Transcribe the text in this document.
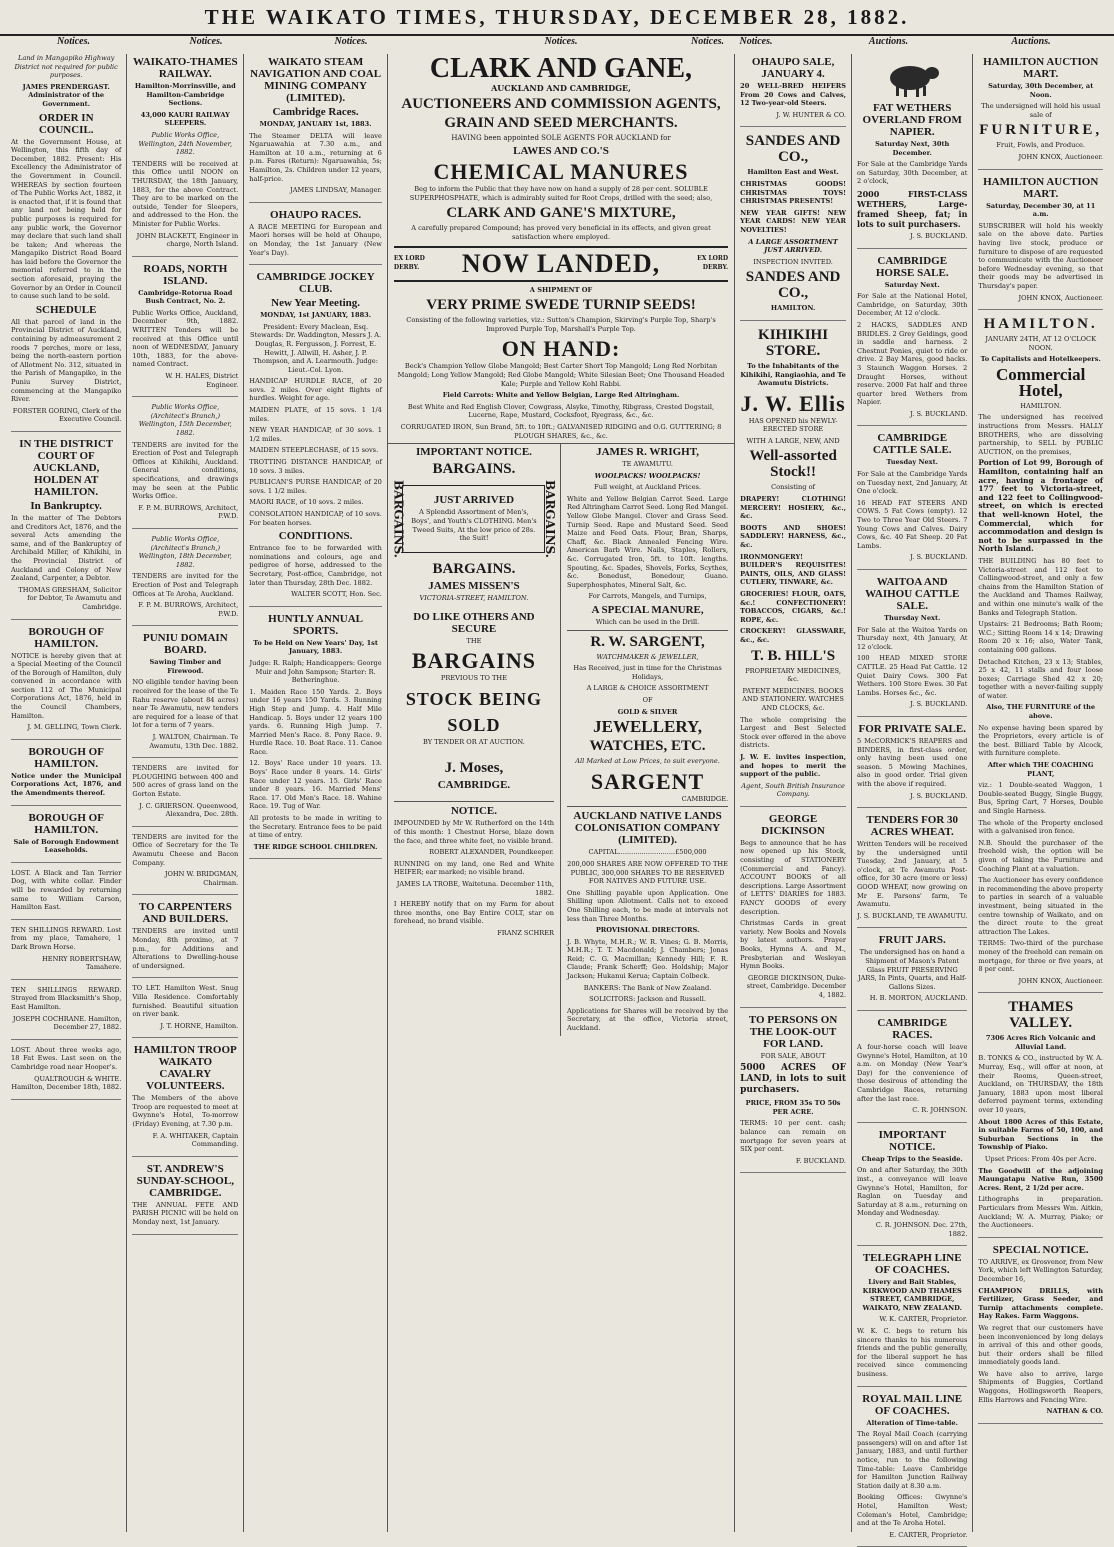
THE WAIKATO TIMES, THURSDAY, DECEMBER 28, 1882.
Notices.	Notices.	Notices.	Notices.	Notices.	Notices.	Auctions.	Auctions.

Land in Mangapiko Highway District not required for public purposes.

JAMES PRENDERGAST. Administrator of the Government.

ORDER IN COUNCIL.

At the Government House, at Wellington, this fifth day of December, 1882. Present: His Excellency the Administrator of the Government in Council. WHEREAS by section fourteen of The Public Works Act, 1882, it is enacted that, if it is found that any land not being held for public purposes is required for any public work, the Governor may declare that such land shall be taken; And whereas the Mangapiko District Road Board has laid before the Governor the memorial referred to in the section aforesaid, praying the Governor by an Order in Council to cause such land to be sold.

SCHEDULE

All that parcel of land in the Provincial District of Auckland, containing by admeasurement 2 roods 7 perches, more or less, being the north-eastern portion of Allotment No. 312, situated in the Parish of Mangapiko, in the Puniu Survey District, commencing at the Mangapiko River.

FORSTER GORING, Clerk of the Executive Council.

IN THE DISTRICT COURT OF AUCKLAND, HOLDEN AT HAMILTON.
In Bankruptcy.

In the matter of The Debtors and Creditors Act, 1876, and the several Acts amending the same, and of the Bankruptcy of Archibald Miller, of Kihikihi, in the Provincial District of Auckland and Colony of New Zealand, Carpenter, a Debtor.

THOMAS GRESHAM, Solicitor for Debtor, Te Awamutu and Cambridge.

BOROUGH OF HAMILTON.

NOTICE is hereby given that at a Special Meeting of the Council of the Borough of Hamilton, duly convened in accordance with section 112 of The Municipal Corporations Act, 1876, held in the Council Chambers, Hamilton.

J. M. GELLING, Town Clerk.

BOROUGH OF HAMILTON.

Notice under the Municipal Corporations Act, 1876, and the Amendments thereof.

BOROUGH OF HAMILTON.

Sale of Borough Endowment Leaseholds.

LOST. A Black and Tan Terrier Dog, with white collar. Finder will be rewarded by returning same to William Carson, Hamilton East.

TEN SHILLINGS REWARD. Lost from my place, Tamahere, 1 Dark Brown Horse.

HENRY ROBERTSHAW, Tamahere.

TEN SHILLINGS REWARD. Strayed from Blacksmith's Shop, East Hamilton.

JOSEPH COCHRANE. Hamilton, December 27, 1882.

LOST. About three weeks ago, 18 Fat Ewes. Last seen on the Cambridge road near Hooper's.

QUALTROUGH & WHITE. Hamilton, December 18th, 1882.

WAIKATO-THAMES RAILWAY.

Hamilton-Morrinsville, and Hamilton-Cambridge Sections.

43,000 KAURI RAILWAY SLEEPERS.

Public Works Office, Wellington, 24th November, 1882.

TENDERS will be received at this Office until NOON on THURSDAY, the 18th January, 1883, for the above Contract. They are to be marked on the outside, Tender for Sleepers, and addressed to the Hon. the Minister for Public Works.

JOHN BLACKETT, Engineer in charge, North Island.

ROADS, NORTH ISLAND.

Cambridge-Rotorua Road Bush Contract, No. 2.

Public Works Office, Auckland, December 9th, 1882. WRITTEN Tenders will be received at this Office until noon of WEDNESDAY, January 10th, 1883, for the above-named Contract.

W. H. HALES, District Engineer.

Public Works Office, (Architect's Branch,) Wellington, 15th December, 1882.

TENDERS are invited for the Erection of Post and Telegraph Offices at Kihikihi, Auckland. General conditions, specifications, and drawings may be seen at the Public Works Office.

F. P. M. BURROWS, Architect, P.W.D.

Public Works Office, (Architect's Branch,) Wellington, 18th December, 1882.

TENDERS are invited for the Erection of Post and Telegraph Offices at Te Aroha, Auckland.

F. P. M. BURROWS, Architect, P.W.D.

PUNIU DOMAIN BOARD.

Sawing Timber and Firewood.

NO eligible tender having been received for the lease of the Te Rahu reserve (about 84 acres) near Te Awamutu, new tenders are required for a lease of that lot for a term of 7 years.

J. WALTON, Chairman. Te Awamutu, 13th Dec. 1882.

TENDERS are invited for PLOUGHING between 400 and 500 acres of grass land on the Gorton Estate.

J. C. GRIERSON. Queenwood, Alexandra, Dec. 28th.

TENDERS are invited for the Office of Secretary for the Te Awamutu Cheese and Bacon Company.

JOHN W. BRIDGMAN, Chairman.

TO CARPENTERS AND BUILDERS.

TENDERS are invited until Monday, 8th proximo, at 7 p.m., for Additions and Alterations to Dwelling-house of undersigned.

TO LET. Hamilton West. Snug Villa Residence. Comfortably furnished. Beautiful situation on river bank.

J. T. HORNE, Hamilton.

HAMILTON TROOP WAIKATO CAVALRY VOLUNTEERS.

The Members of the above Troop are requested to meet at Gwynne's Hotel, To-morrow (Friday) Evening, at 7.30 p.m.

F. A. WHITAKER, Captain Commanding.

ST. ANDREW'S SUNDAY-SCHOOL, CAMBRIDGE.

THE ANNUAL FETE AND PARISH PICNIC will be held on Monday next, 1st January.

WAIKATO STEAM NAVIGATION AND COAL MINING COMPANY (LIMITED).
Cambridge Races.

MONDAY, JANUARY 1st, 1883.

The Steamer DELTA will leave Ngaruawahia at 7.30 a.m., and Hamilton at 10 a.m., returning at 6 p.m. Fares (Return): Ngaruawahia, 5s; Hamilton, 2s. Children under 12 years, half-price.

JAMES LINDSAY, Manager.

OHAUPO RACES.

A RACE MEETING for European and Maori horses will be held at Ohaupo, on Monday, the 1st January (New Year's Day).

CAMBRIDGE JOCKEY CLUB.
New Year Meeting.

MONDAY, 1st JANUARY, 1883.

President: Every Maclean, Esq. Stewards: Dr. Waddington, Messrs J. A. Douglas, R. Fergusson, J. Forrest, E. Hewitt, J. Allwill, H. Asher, J. P. Thompson, and A. Learmouth. Judge: Lieut.-Col. Lyon.

HANDICAP HURDLE RACE, of 20 sovs. 2 miles. Over eight flights of hurdles. Weight for age.

MAIDEN PLATE, of 15 sovs. 1 1/4 miles.

NEW YEAR HANDICAP, of 30 sovs. 1 1/2 miles.

MAIDEN STEEPLECHASE, of 15 sovs.

TROTTING DISTANCE HANDICAP, of 10 sovs. 3 miles.

PUBLICAN'S PURSE HANDICAP, of 20 sovs. 1 1/2 miles.

MAORI RACE, of 10 sovs. 2 miles.

CONSOLATION HANDICAP, of 10 sovs. For beaten horses.

CONDITIONS.

Entrance fee to be forwarded with nominations and colours, age and pedigree of horse, addressed to the Secretary, Post-office, Cambridge, not later than Thursday, 28th Dec. 1882.

WALTER SCOTT, Hon. Sec.

HUNTLY ANNUAL SPORTS.

To be Held on New Years' Day, 1st January, 1883.

Judge: R. Ralph; Handicappers: George Muir and John Sampson; Starter: R. Betheringhue.

1. Maiden Race 150 Yards. 2. Boys under 16 years 150 Yards. 3. Running High Step and Jump. 4. Half Mile Handicap. 5. Boys under 12 years 100 yards. 6. Running High Jump. 7. Married Men's Race. 8. Pony Race. 9. Hurdle Race. 10. Boat Race. 11. Canoe Race.

12. Boys' Race under 10 years. 13. Boys' Race under 8 years. 14. Girls' Race under 12 years. 15. Girls' Race under 8 years. 16. Married Mens' Race. 17. Old Men's Race. 18. Wahine Race. 19. Tug of War.

All protests to be made in writing to the Secretary. Entrance fees to be paid at time of entry.

THE RIDGE SCHOOL CHILDREN.

CLARK AND GANE,
AUCKLAND AND CAMBRIDGE,
AUCTIONEERS AND COMMISSION AGENTS,
GRAIN AND SEED MERCHANTS.

HAVING been appointed SOLE AGENTS FOR AUCKLAND for

LAWES AND CO.'S
CHEMICAL MANURES

Beg to inform the Public that they have now on hand a supply of 28 per cent. SOLUBLE SUPERPHOSPHATE, which is admirably suited for Root Crops, drilled with the seed; also,

CLARK AND GANE'S MIXTURE,

A carefully prepared Compound; has proved very beneficial in its effects, and given great satisfaction where employed.

EX LORD DERBY.	NOW LANDED,	EX LORD DERBY.
A SHIPMENT OF
VERY PRIME SWEDE TURNIP SEEDS!

Consisting of the following varieties, viz.: Sutton's Champion, Skirving's Purple Top, Sharp's Improved Purple Top, Marshall's Purple Top.

ON HAND:

Beck's Champion Yellow Globe Mangold; Best Carter Short Top Mangold; Long Red Norbitan Mangold; Long Yellow Mangold; Red Globe Mangold; White Silesian Beet; One Thousand Headed Kale; Purple and Yellow Kohl Rabbi.

Field Carrots: White and Yellow Belgian, Large Red Altringham.

Best White and Red English Clover, Cowgrass, Alsyke, Timothy, Ribgrass, Crested Dogstail, Lucerne, Rape, Mustard, Cocksfoot, Ryegrass, &c., &c.

CORRUGATED IRON, Sun Brand, 5ft. to 10ft.; GALVANISED RIDGING and O.G. GUTTERING; 8 PLOUGH SHARES, &c., &c.

IMPORTANT NOTICE.
BARGAINS.
BARGAINS.	JUST ARRIVED

A Splendid Assortment of Men's, Boys', and Youth's CLOTHING. Men's Tweed Suits, At the low price of 28s. the Suit!	BARGAINS.
BARGAINS.
JAMES MISSEN'S

VICTORIA-STREET, HAMILTON.

DO LIKE OTHERS AND SECURE

THE

BARGAINS

PREVIOUS TO THE

STOCK BEING SOLD

BY TENDER OR AT AUCTION.

J. Moses,
CAMBRIDGE.
NOTICE.

IMPOUNDED by Mr W. Rutherford on the 14th of this month: 1 Chestnut Horse, blaze down the face, and three white feet, no visible brand.

ROBERT ALEXANDER, Poundkeeper.

RUNNING on my land, one Red and White HEIFER; ear marked; no visible brand.

JAMES LA TROBE, Waitetuna. December 11th, 1882.

I HEREBY notify that on my Farm for about three months, one Bay Entire COLT, star on forehead, no brand visible.

FRANZ SCHRER

JAMES R. WRIGHT,

TE AWAMUTU.

WOOLPACKS! WOOLPACKS!

Full weight, at Auckland Prices.

White and Yellow Belgian Carrot Seed. Large Red Altringham Carrot Seed. Long Red Mangel. Yellow Globe Mangel. Clover and Grass Seed. Turnip Seed. Rape and Mustard Seed. Seed Maize and Feed Oats. Flour, Bran, Sharps, Chaff, &c. Black Annealed Fencing Wire. American Barb Wire. Nails, Staples, Rollers, &c. Corrugated Iron, 5ft. to 10ft. lengths. Spouting, &c. Spades, Shovels, Forks, Scythes, &c. Bonedust, Bonedour, Guano. Superphosphates, Mineral Salt, &c.

For Carrots, Mangels, and Turnips,

A SPECIAL MANURE,

Which can be used in the Drill.

R. W. SARGENT,

WATCHMAKER & JEWELLER,

Has Received, just in time for the Christmas Holidays,

A LARGE & CHOICE ASSORTMENT

OF

GOLD & SILVER

JEWELLERY,
WATCHES, ETC.

All Marked at Low Prices, to suit everyone.

SARGENT

CAMBRIDGE.

AUCKLAND NATIVE LANDS COLONISATION COMPANY (LIMITED).

CAPITAL...........................£500,000

200,000 SHARES ARE NOW OFFERED TO THE PUBLIC, 300,000 SHARES TO BE RESERVED FOR NATIVES AND FUTURE USE.

One Shilling payable upon Application. One Shilling upon Allotment. Calls not to exceed One Shilling each, to be made at intervals not less than Three Months.

PROVISIONAL DIRECTORS.

J. B. Whyte, M.H.R.; W. R. Vines; G. B. Morris, M.H.R.; T. T. Macdonald; J. Chambers; Jonas Reid; C. G. Macmillan; Kennedy Hill; F. R. Claude; Frank Scherff; Geo. Holdship; Major Jackson; Hukanui Kerua; Captain Colbeck.

BANKERS: The Bank of New Zealand.

SOLICITORS: Jackson and Russell.

Applications for Shares will be received by the Secretary, at the office, Victoria street, Auckland.

OHAUPO SALE, JANUARY 4.

20 WELL-BRED HEIFERS From 20 Cows and Calves, 12 Two-year-old Steers.

J. W. HUNTER & CO.

SANDES AND CO.,

Hamilton East and West.

CHRISTMAS GOODS! CHRISTMAS TOYS! CHRISTMAS PRESENTS!

NEW YEAR GIFTS! NEW YEAR CARDS! NEW YEAR NOVELTIES!

A LARGE ASSORTMENT JUST ARRIVED.

INSPECTION INVITED.

SANDES AND CO.,

HAMILTON.

KIHIKIHI STORE.

To the Inhabitants of the Kihikihi, Rangiaohia, and Te Awamutu Districts.

J. W. Ellis

HAS OPENED his NEWLY-ERECTED STORE

WITH A LARGE, NEW, AND

Well-assorted Stock!!

Consisting of

DRAPERY! CLOTHING! MERCERY! HOSIERY, &c., &c.

BOOTS AND SHOES! SADDLERY! HARNESS, &c., &c.

IRONMONGERY! BUILDER'S REQUISITES! PAINTS, OILS, AND GLASS! CUTLERY, TINWARE, &c.

GROCERIES! FLOUR, OATS, &c.! CONFECTIONERY! TOBACCOS, CIGARS, &c.! ROPE, &c.

CROCKERY! GLASSWARE, &c., &c.

T. B. HILL'S

PROPRIETARY MEDICINES, &c.

PATENT MEDICINES. BOOKS AND STATIONERY. WATCHES AND CLOCKS, &c.

The whole comprising the Largest and Best Selected Stock ever offered in the above districts.

J. W. E. invites inspection, and hopes to merit the support of the public.

Agent, South British Insurance Company.

GEORGE DICKINSON

Begs to announce that he has now opened up his Stock, consisting of STATIONERY (Commercial and Fancy). ACCOUNT BOOKS of all descriptions. Large Assortment of LETTS' DIARIES for 1883. FANCY GOODS of every description.

Christmas Cards in great variety. New Books and Novels by latest authors. Prayer Books, Hymns A. and M., Presbyterian and Wesleyan Hymn Books.

GEORGE DICKINSON, Duke-street, Cambridge. December 4, 1882.

TO PERSONS ON THE LOOK-OUT FOR LAND.

FOR SALE, ABOUT

5000 ACRES OF LAND, in lots to suit purchasers.

PRICE, FROM 35s TO 50s PER ACRE.

TERMS: 10 per cent. cash; balance can remain on mortgage for seven years at SIX per cent.

F. BUCKLAND.

FAT WETHERS OVERLAND FROM NAPIER.

Saturday Next, 30th December.

For Sale at the Cambridge Yards on Saturday, 30th December, at 2 o'clock,

2000 FIRST-CLASS WETHERS, Large-framed Sheep, fat; in lots to suit purchasers.

J. S. BUCKLAND.

CAMBRIDGE HORSE SALE.

Saturday Next.

For Sale at the National Hotel, Cambridge, on Saturday, 30th December, At 12 o'clock.

2 HACKS, SADDLES AND BRIDLES. 2 Grey Geldings, good in saddle and harness. 2 Chestnut Ponies, quiet to ride or drive. 2 Bay Mares, good hacks. 3 Staunch Waggon Horses. 2 Draught Horses, without reserve. 2000 Fat half and three quarter bred Wethers from Napier.

J. S. BUCKLAND.

CAMBRIDGE CATTLE SALE.

Tuesday Next.

For Sale at the Cambridge Yards on Tuesday next, 2nd January, At One o'clock.

16 HEAD FAT STEERS AND COWS. 5 Fat Cows (empty). 12 Two to Three Year Old Steers. 7 Young Cows and Calves. Dairy Cows, &c. 40 Fat Sheep. 20 Fat Lambs.

J. S. BUCKLAND.

WAITOA AND WAIHOU CATTLE SALE.

Thursday Next.

For Sale at the Waitoa Yards on Thursday next, 4th January, At 12 o'clock.

100 HEAD MIXED STORE CATTLE. 25 Head Fat Cattle. 12 Quiet Dairy Cows. 300 Fat Wethers. 100 Store Ewes. 30 Fat Lambs. Horses &c., &c.

J. S. BUCKLAND.

FOR PRIVATE SALE.

5 McCORMICK'S REAPERS and BINDERS, in first-class order, only having been used one season. 5 Mowing Machines, also in good order. Trial given with the above if required.

J. S. BUCKLAND.

TENDERS FOR 30 ACRES WHEAT.

Written Tenders will be received by the undersigned until Tuesday, 2nd January, at 5 o'clock, at Te Awamutu Post-office, for 30 acre (more or less) GOOD WHEAT, now growing on Mr E. Parsons' farm, Te Awamutu.

J. S. BUCKLAND, TE AWAMUTU.

FRUIT JARS.

The undersigned has on hand a Shipment of Mason's Patent Glass FRUIT PRESERVING JARS, In Pints, Quarts, and Half-Gallons Sizes.

H. B. MORTON, AUCKLAND.

CAMBRIDGE RACES.

A four-horse coach will leave Gwynne's Hotel, Hamilton, at 10 a.m. on Monday (New Year's Day) for the convenience of those desirous of attending the Cambridge Races, returning after the last race.

C. R. JOHNSON.

IMPORTANT NOTICE.

Cheap Trips to the Seaside.

On and after Saturday, the 30th inst., a conveyance will leave Gwynne's Hotel, Hamilton, for Raglan on Tuesday and Saturday at 8 a.m., returning on Monday and Wednesday.

C. R. JOHNSON. Dec. 27th, 1882.

TELEGRAPH LINE OF COACHES.

Livery and Bait Stables, KIRKWOOD AND THAMES STREET, CAMBRIDGE, WAIKATO, NEW ZEALAND.

W. K. CARTER, Proprietor.

W. K. C. begs to return his sincere thanks to his numerous friends and the public generally, for the liberal support he has received since commencing business.

ROYAL MAIL LINE OF COACHES.

Alteration of Time-table.

The Royal Mail Coach (carrying passengers) will on and after 1st January, 1883, and until further notice, run to the following Time-table: Leave Cambridge for Hamilton Junction Railway Station daily at 8.30 a.m.

Booking Offices: Gwynne's Hotel, Hamilton West; Coleman's Hotel, Cambridge; and at the Te Aroha Hotel.

E. CARTER, Proprietor.

HAMILTON AUCTION MART.

Saturday, 30th December, at Noon.

The undersigned will hold his usual sale of

FURNITURE,

Fruit, Fowls, and Produce.

JOHN KNOX, Auctioneer.

HAMILTON AUCTION MART.

Saturday, December 30, at 11 a.m.

SUBSCRIBER will hold his weekly sale on the above date. Parties having live stock, produce or furniture to dispose of are requested to communicate with the Auctioneer before Wednesday evening, so that their goods may be advertised in Thursday's paper.

JOHN KNOX, Auctioneer.

HAMILTON.

JANUARY 24TH, AT 12 O'CLOCK NOON.

To Capitalists and Hotelkeepers.

Commercial Hotel,

HAMILTON.

The undersigned has received instructions from Messrs. HALLY BROTHERS, who are dissolving partnership, to SELL by PUBLIC AUCTION, on the premises,

Portion of Lot 99, Borough of Hamilton, containing half an acre, having a frontage of 177 feet to Victoria-street, and 122 feet to Collingwood-street, on which is erected that well-known Hotel, the Commercial, which for accommodation and design is not to be surpassed in the North Island.

THE BUILDING has 80 feet to Victoria-street and 112 feet to Collingwood-street, and only a few chains from the Hamilton Station of the Auckland and Thames Railway, and within one minute's walk of the Banks and Telegraph Station.

Upstairs: 21 Bedrooms; Bath Room; W.C.; Sitting Room 14 x 14; Drawing Room 20 x 16; also, Water Tank, containing 600 gallons.

Detached Kitchen, 23 x 13; Stables, 25 x 42, 11 stalls and four loose boxes; Carriage Shed 42 x 20; together with a never-failing supply of water.

Also, THE FURNITURE of the above.

No expense having been spared by the Proprietors, every article is of the best. Billiard Table by Alcock, with furniture complete.

After which THE COACHING PLANT,

viz.: 1 Double-seated Waggon, 1 Double-seated Buggy, Single Buggy, Bus, Spring Cart, 7 Horses, Double and Single Harness.

The whole of the Property enclosed with a galvanised iron fence.

N.B. Should the purchaser of the freehold wish, the option will be given of taking the Furniture and Coaching Plant at a valuation.

The Auctioneer has every confidence in recommending the above property to parties in search of a valuable investment, being situated in the centre township of Waikato, and on the direct route to the great attraction The Lakes.

TERMS: Two-third of the purchase money of the freehold can remain on mortgage, for three or five years, at 8 per cent.

JOHN KNOX, Auctioneer.

THAMES VALLEY.

7306 Acres Rich Volcanic and Alluvial Land.

B. TONKS & CO., instructed by W. A. Murray, Esq., will offer at noon, at their Rooms, Queen-street, Auckland, on THURSDAY, the 18th January, 1883 upon most liberal deferred payment terms, extending over 10 years,

About 1800 Acres of this Estate, in suitable Farms of 50, 100, and Suburban Sections in the Township of Piako.

Upset Prices: From 40s per Acre.

The Goodwill of the adjoining Maungatapu Native Run, 3500 Acres. Rent, 2 1/2d per acre.

Lithographs in preparation. Particulars from Messrs Wm. Aitkin, Auckland; W. A. Murray, Piako; or the Auctioneers.

SPECIAL NOTICE.

TO ARRIVE, ex Grosvenor, from New York, which left Wellington Saturday, December 16,

CHAMPION DRILLS, with Fertilizer, Grass Seeder, and Turnip attachments complete. Hay Rakes. Farm Waggons.

We regret that our customers have been inconvenienced by long delays in arrival of this and other goods, but their orders shall be filled immediately goods land.

We have also to arrive, large Shipments of Buggies, Cortland Waggons, Hollingsworth Reapers, Ellis Harrows and Fencing Wire.

NATHAN & CO.
